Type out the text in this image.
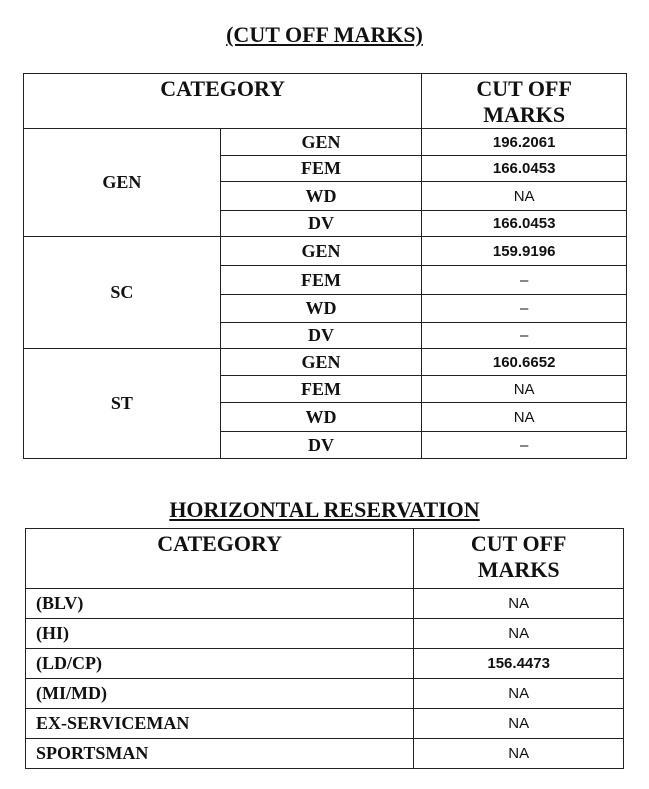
(CUT OFF MARKS)
CATEGORY		CUT OFF
MARKS

GEN	GEN	196.2061
	FEM	166.0453
	WD	NA
	DV	166.0453
SC	GEN	159.9196
	FEM	–
	WD	–
	DV	–
ST	GEN	160.6652
	FEM	NA
	WD	NA
	DV	–
HORIZONTAL RESERVATION
CATEGORY	CUT OFF
MARKS

(BLV)	NA
(HI)	NA
(LD/CP)	156.4473
(MI/MD)	NA
EX-SERVICEMAN	NA
SPORTSMAN	NA
